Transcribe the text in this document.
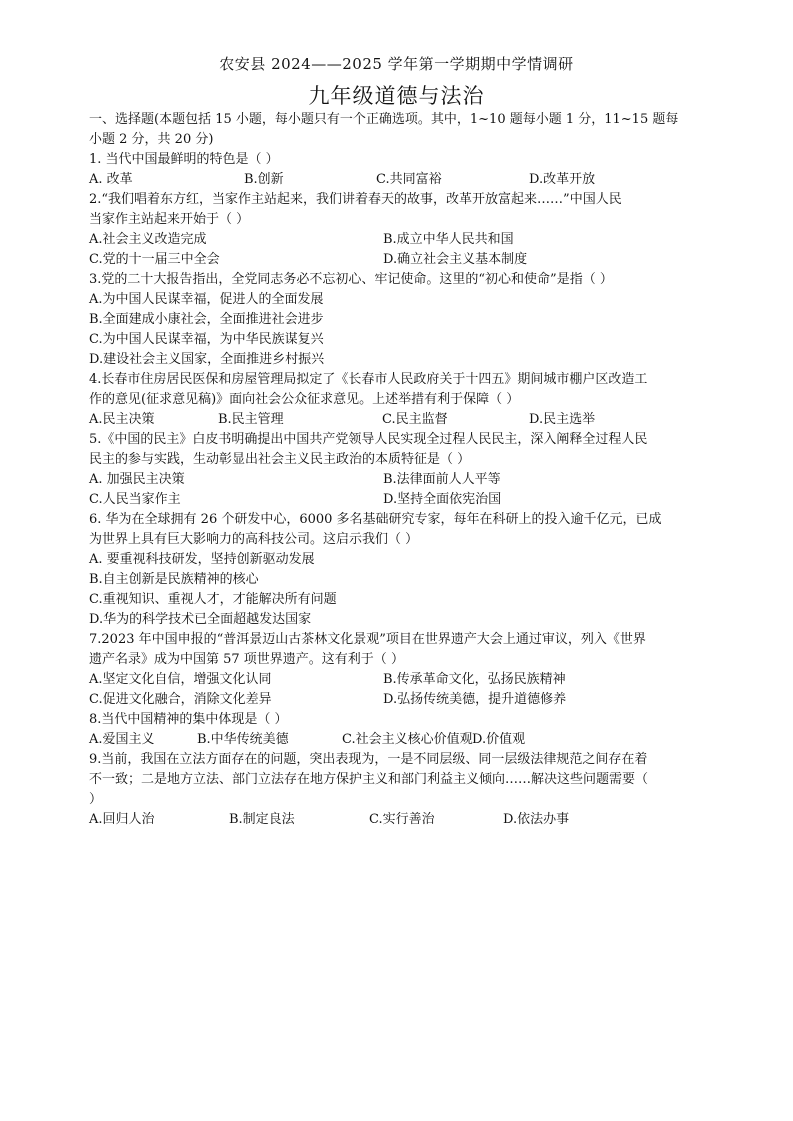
农安县 2024——2025 学年第一学期期中学情调研
九年级道德与法治
一、选择题(本题包括 15 小题，每小题只有一个正确选项。其中，1~10 题每小题 1 分，11~15 题每
小题 2 分，共 20 分)
1. 当代中国最鲜明的特色是（ ）
A. 改革	B.创新	C.共同富裕	D.改革开放
2.“我们唱着东方红，当家作主站起来，我们讲着春天的故事，改革开放富起来……”中国人民
当家作主站起来开始于（ ）
A.社会主义改造完成	B.成立中华人民共和国
C.党的十一届三中全会	D.确立社会主义基本制度
3.党的二十大报告指出，全党同志务必不忘初心、牢记使命。这里的“初心和使命”是指（ ）
A.为中国人民谋幸福，促进人的全面发展
B.全面建成小康社会，全面推进社会进步
C.为中国人民谋幸福，为中华民族谋复兴
D.建设社会主义国家，全面推进乡村振兴
4.长春市住房居民医保和房屋管理局拟定了《长春市人民政府关于十四五》期间城市棚户区改造工
作的意见(征求意见稿)》面向社会公众征求意见。上述举措有利于保障（ ）
A.民主决策	B.民主管理	C.民主监督	D.民主选举
5.《中国的民主》白皮书明确提出中国共产党领导人民实现全过程人民民主，深入阐释全过程人民
民主的参与实践，生动彰显出社会主义民主政治的本质特征是（ ）
A. 加强民主决策	B.法律面前人人平等
C.人民当家作主	D.坚持全面依宪治国
6. 华为在全球拥有 26 个研发中心，6000 多名基础研究专家，每年在科研上的投入逾千亿元，已成
为世界上具有巨大影响力的高科技公司。这启示我们（ ）
A. 要重视科技研发，坚持创新驱动发展
B.自主创新是民族精神的核心
C.重视知识、重视人才，才能解决所有问题
D.华为的科学技术已全面超越发达国家
7.2023 年中国申报的“普洱景迈山古茶林文化景观”项目在世界遗产大会上通过审议，列入《世界
遗产名录》成为中国第 57 项世界遗产。这有利于（ ）
A.坚定文化自信，增强文化认同	B.传承革命文化，弘扬民族精神
C.促进文化融合，消除文化差异	D.弘扬传统美德，提升道德修养
8.当代中国精神的集中体现是（ ）
A.爱国主义	B.中华传统美德	C.社会主义核心价值观 D.价值观
9.当前，我国在立法方面存在的问题，突出表现为，一是不同层级、同一层级法律规范之间存在着
不一致；二是地方立法、部门立法存在地方保护主义和部门利益主义倾向……解决这些问题需要（
）
A.回归人治	B.制定良法	C.实行善治	D.依法办事
